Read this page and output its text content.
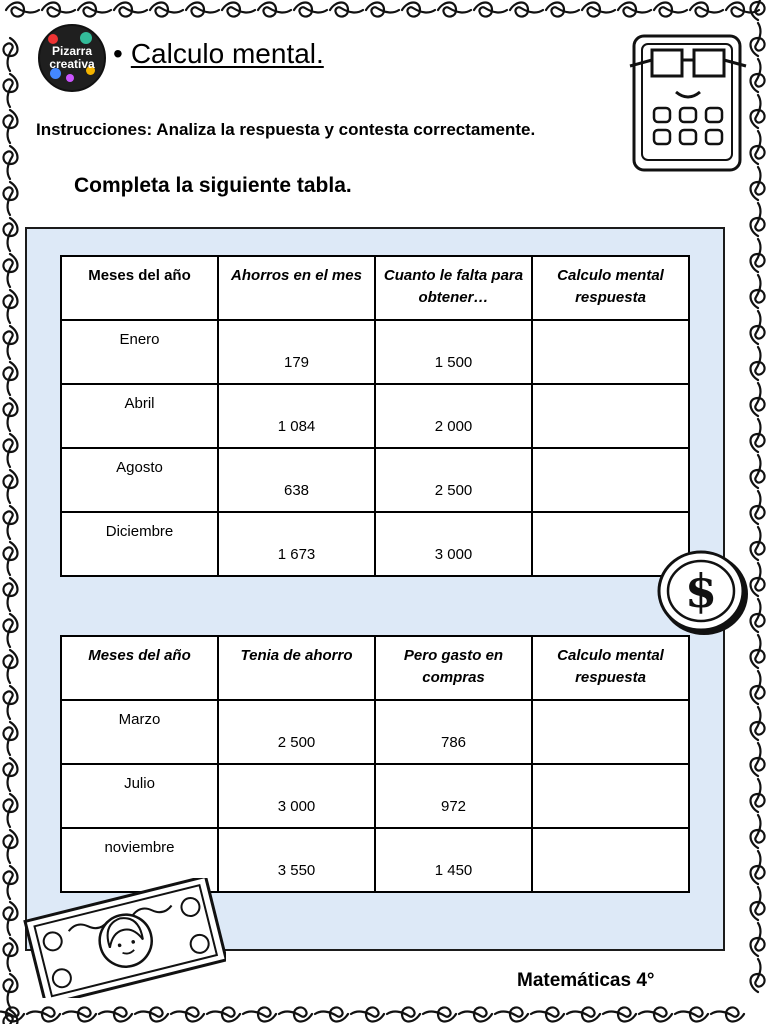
Pizarra
creativa • Calculo mental.
Instrucciones: Analiza la respuesta y contesta correctamente.
Completa la siguiente tabla.
Meses del año	Ahorros en el mes	Cuanto le falta para obtener…	Calculo mental respuesta

Enero	179	1 500	

Abril	1 084	2 000	

Agosto	638	2 500	

Diciembre	1 673	3 000	

Meses del año	Tenia de ahorro	Pero gasto en compras	Calculo mental respuesta

Marzo	2 500	786	

Julio	3 000	972	

noviembre	3 550	1 450	

$
Matemáticas 4°
